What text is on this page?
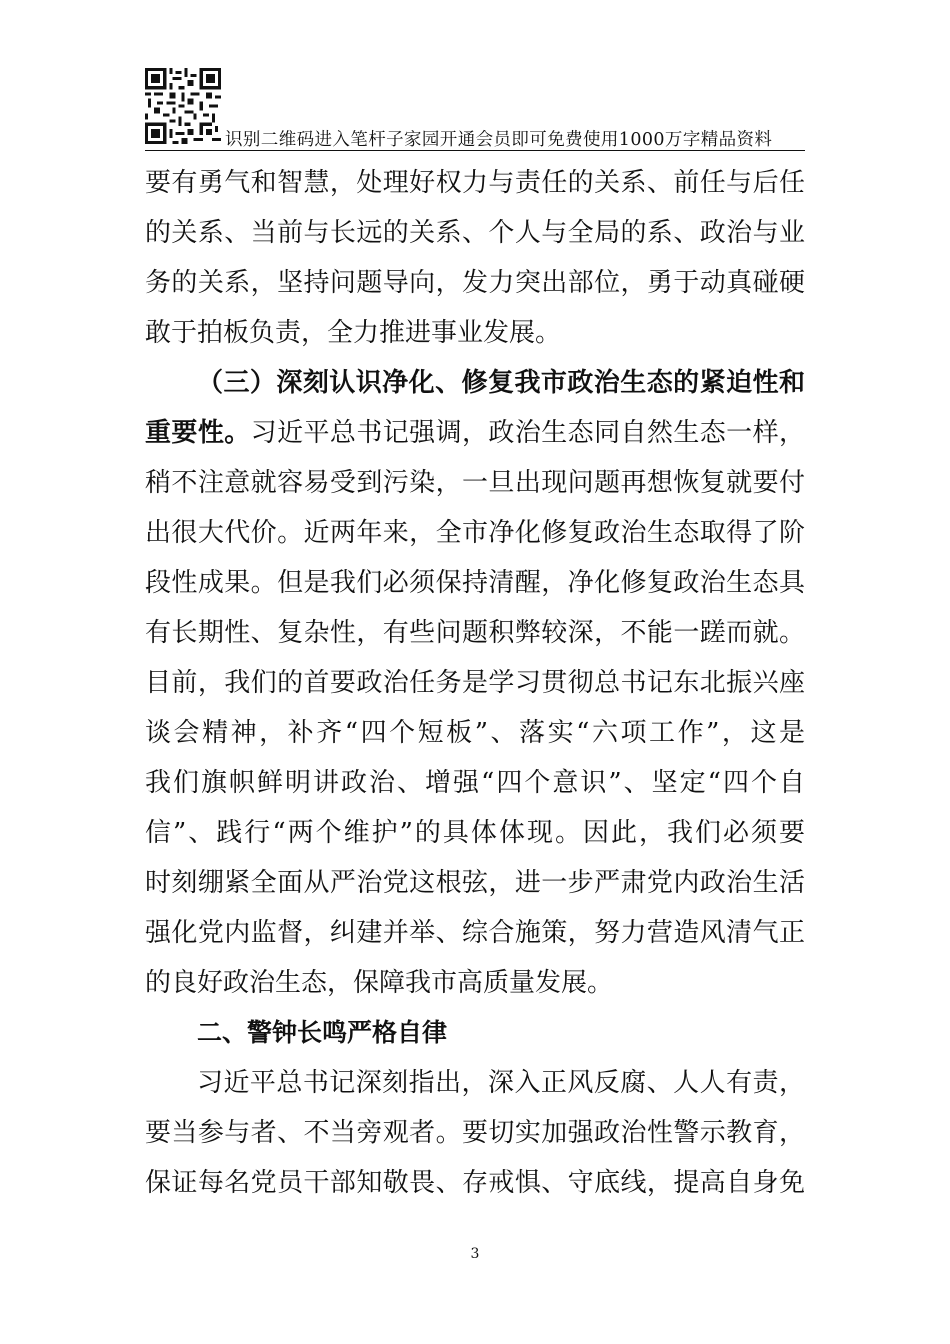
识别二维码进入笔杆子家园开通会员即可免费使用1000万字精品资料
要有勇气和智慧，处理好权力与责任的关系、前任与后任
的关系、当前与长远的关系、个人与全局的系、政治与业
务的关系，坚持问题导向，发力突出部位，勇于动真碰硬
敢于拍板负责，全力推进事业发展。
（三）深刻认识净化、修复我市政治生态的紧迫性和
重要性。习近平总书记强调，政治生态同自然生态一样，
稍不注意就容易受到污染，一旦出现问题再想恢复就要付
出很大代价。近两年来，全市净化修复政治生态取得了阶
段性成果。但是我们必须保持清醒，净化修复政治生态具
有长期性、复杂性，有些问题积弊较深，不能一蹉而就。
目前，我们的首要政治任务是学习贯彻总书记东北振兴座
谈会精神，补齐“四个短板”、落实“六项工作”，这是
我们旗帜鲜明讲政治、增强“四个意识”、坚定“四个自
信”、践行“两个维护”的具体体现。因此，我们必须要
时刻绷紧全面从严治党这根弦，进一步严肃党内政治生活
强化党内监督，纠建并举、综合施策，努力营造风清气正
的良好政治生态，保障我市高质量发展。
二、警钟长鸣严格自律
习近平总书记深刻指出，深入正风反腐、人人有责，
要当参与者、不当旁观者。要切实加强政治性警示教育，
保证每名党员干部知敬畏、存戒惧、守底线，提高自身免
3
